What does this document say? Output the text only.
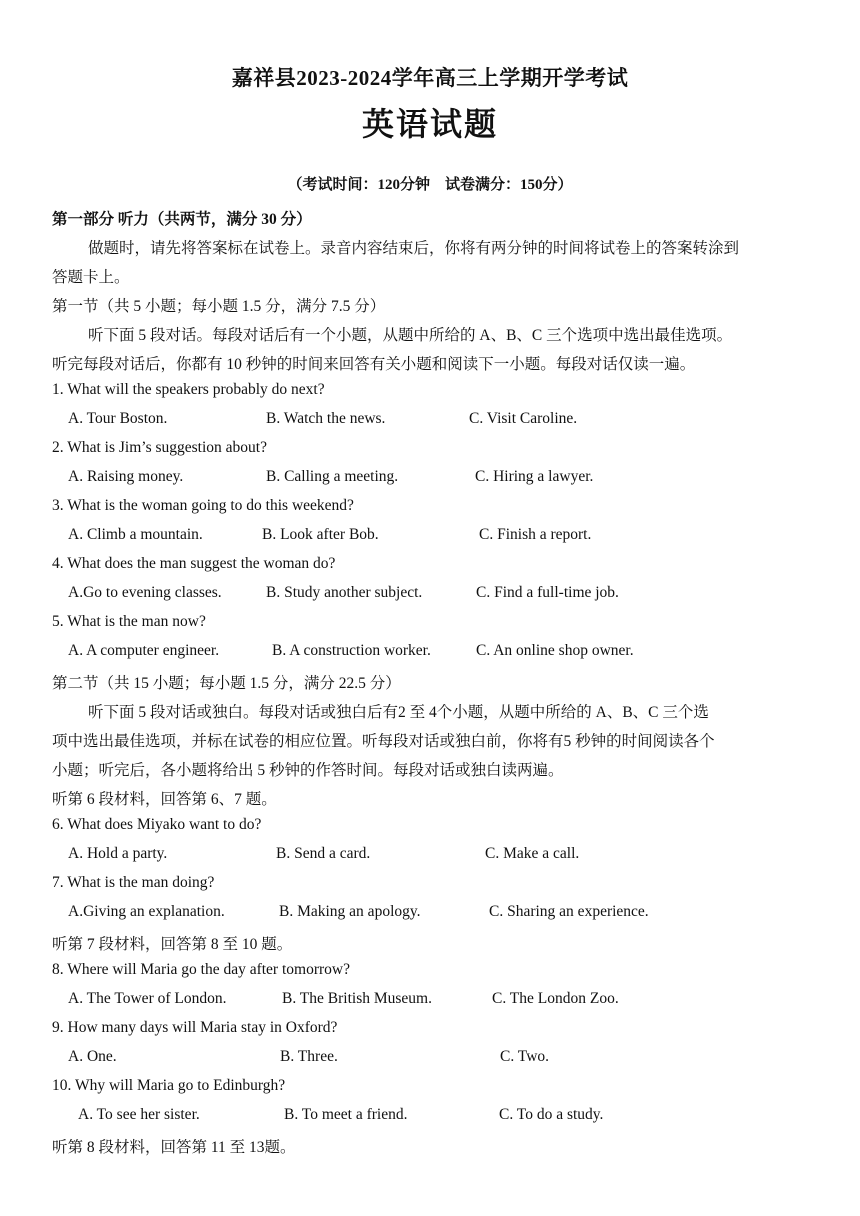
嘉祥县2023-2024学年高三上学期开学考试
英语试题
（考试时间：120分钟　试卷满分：150分）
第一部分 听力（共两节，满分 30 分）
做题时，请先将答案标在试卷上。录音内容结束后，你将有两分钟的时间将试卷上的答案转涂到
答题卡上。
第一节（共 5 小题；每小题 1.5 分，满分 7.5 分）
听下面 5 段对话。每段对话后有一个小题，从题中所给的 A、B、C 三个选项中选出最佳选项。
听完每段对话后，你都有 10 秒钟的时间来回答有关小题和阅读下一小题。每段对话仅读一遍。
1. What will the speakers probably do next?
A. Tour Boston.	B. Watch the news.	C. Visit Caroline.
2. What is Jim’s suggestion about?
A. Raising money.	B. Calling a meeting.	C. Hiring a lawyer.
3. What is the woman going to do this weekend?
A. Climb a mountain.	B. Look after Bob.	C. Finish a report.
4. What does the man suggest the woman do?
A.Go to evening classes.	B. Study another subject.	C. Find a full-time job.
5. What is the man now?
A. A computer engineer.	B. A construction worker.	C. An online shop owner.
第二节（共 15 小题；每小题 1.5 分，满分 22.5 分）
听下面 5 段对话或独白。每段对话或独白后有2 至 4个小题，从题中所给的 A、B、C 三个选
项中选出最佳选项，并标在试卷的相应位置。听每段对话或独白前，你将有5 秒钟的时间阅读各个
小题；听完后，各小题将给出 5 秒钟的作答时间。每段对话或独白读两遍。
听第 6 段材料，回答第 6、7 题。
6. What does Miyako want to do?
A. Hold a party.	B. Send a card.	C. Make a call.
7. What is the man doing?
A.Giving an explanation.	B. Making an apology.	C. Sharing an experience.
听第 7 段材料，回答第 8 至 10 题。
8. Where will Maria go the day after tomorrow?
A. The Tower of London.	B. The British Museum.	C. The London Zoo.
9. How many days will Maria stay in Oxford?
A. One.	B. Three.	C. Two.
10. Why will Maria go to Edinburgh?
A. To see her sister.	B. To meet a friend.	C. To do a study.
听第 8 段材料，回答第 11 至 13题。
